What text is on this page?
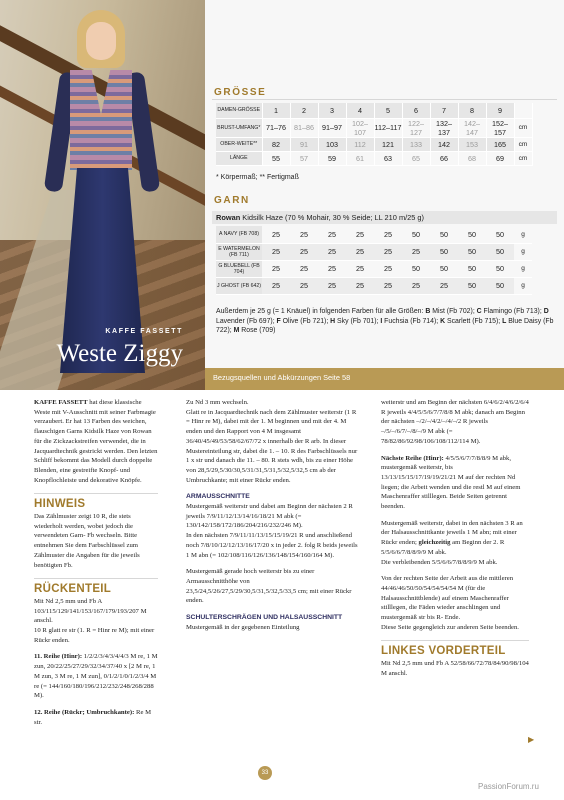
KAFFE FASSETT
Weste Ziggy
GRÖSSE
DAMEN-GRÖSSE	1	2	3	4	5	6	7	8	9	
BRUST-UMFANG*	71–76	81–86	91–97	102–107	112–117	122–127	132–137	142–147	152–157	cm
OBER-WEITE**	82	91	103	112	121	133	142	153	165	cm
LÄNGE	55	57	59	61	63	65	66	68	69	cm
* Körpermaß; ** Fertigmaß
GARN
Rowan Kidsilk Haze (70 % Mohair, 30 % Seide; LL 210 m/25 g)
A NAVY (FB 708)	25	25	25	25	25	50	50	50	50	g
E WATERMELON (FB 711)	25	25	25	25	25	25	50	50	50	g
G BLUEBELL (FB 704)	25	25	25	25	25	50	50	50	50	g
J GHOST (FB 642)	25	25	25	25	25	25	25	50	50	g
Außerdem je 25 g (= 1 Knäuel) in folgenden Farben für alle Größen: B Mist (Fb 702); C Flamingo (Fb 713); D Lavender (Fb 697); F Olive (Fb 721); H Sky (Fb 701); I Fuchsia (Fb 714); K Scarlett (Fb 715); L Blue Daisy (Fb 722); M Rose (709)
Bezugsquellen und Abkürzungen Seite 58

KAFFE FASSETT hat diese klassische Weste mit V-Ausschnitt mit seiner Farbmagie verzaubert. Er hat 13 Farben des weichen, flauschigen Garns Kidsilk Haze von Rowan für die Zickzackstreifen verwendet, die in Jacquardtechnik gestrickt werden. Den letzten Schliff bekommt das Modell durch doppelte Blenden, eine gestreifte Knopf- und Knopflochleiste und dekorative Knöpfe.

HINWEIS

Das Zählmuster zeigt 10 R, die stets wiederholt werden, wobei jedoch die verwendeten Garn- Fb wechseln. Bitte entnehmen Sie dem Farbschlüssel zum Zählmuster die Angaben für die jeweils benötigten Fb.

RÜCKENTEIL

Mit Nd 2,5 mm und Fb A 103/115/129/141/153/167/179/193/207 M anschl.

10 R glatt re str (1. R = Hinr re M); mit einer Rückr enden.

11. Reihe (Hinr): 1/2/2/3/4/3/4/4/3 M re, 1 M zun, 20/22/25/27/29/32/34/37/40 x [2 M re, 1 M zun, 3 M re, 1 M zun], 0/1/2/1/0/1/2/3/4 M re (= 144/160/180/196/212/232/248/268/288 M).

12. Reihe (Rückr; Umbruchkante): Re M str.

Zu Nd 3 mm wechseln.

Glatt re in Jacquardtechnik nach dem Zählmuster weiterstr (1 R = Hinr re M), dabei mit der 1. M beginnen und mit der 4. M enden und den Rapport von 4 M insgesamt 36/40/45/49/53/58/62/67/72 x innerhalb der R arb. In dieser Mustereinteilung str, dabei die 1. – 10. R des Farbschlüssels nur 1 x str und danach die 11. – 80. R stets wdh, bis zu einer Höhe von 28,5/29,5/30/30,5/31/31,5/31,5/32,5/32,5 cm ab der Umbruchkante; mit einer Rückr enden.

ARMAUSSCHNITTE

Mustergemäß weiterstr und dabei am Beginn der nächsten 2 R jeweils 7/9/11/12/13/14/16/18/21 M abk (= 130/142/158/172/186/204/216/232/246 M).

In den nächsten 7/9/11/11/13/15/15/19/21 R und anschließend noch 7/8/10/12/12/13/16/17/20 x in jeder 2. folg R beids jeweils 1 M abn (= 102/108/116/126/136/148/154/160/164 M).

Mustergemäß gerade hoch weiterstr bis zu einer Armausschnitthöhe von 23,5/24,5/26/27,5/29/30,5/31,5/32,5/33,5 cm; mit einer Rückr enden.

SCHULTERSCHRÄGEN UND HALSAUSSCHNITT

Mustergemäß in der gegebenen Einteilung

weiterstr und am Beginn der nächsten 6/4/6/2/4/6/2/6/4 R jeweils 4/4/5/5/6/7/7/8/8 M abk; danach am Beginn der nächsten –/2/–/4/2/–/4/–/2 R jeweils –/5/–/6/7/–/8/–/9 M abk (= 78/82/86/92/98/106/108/112/114 M).

Nächste Reihe (Hinr): 4/5/5/6/7/7/8/8/9 M abk, mustergemäß weiterstr, bis 13/13/15/15/17/19/19/21/21 M auf der rechten Nd liegen; die Arbeit wenden und die restl M auf einem Maschenraffer stilllegen. Beide Seiten getrennt beenden.

Mustergemäß weiterstr, dabei in den nächsten 3 R an der Halsausschnittkante jeweils 1 M abn; mit einer Rückr enden; gleichzeitig am Beginn der 2. R 5/5/6/6/7/8/8/9/9 M abk.

Die verbleibenden 5/5/6/6/7/8/8/9/9 M abk.

Von der rechten Seite der Arbeit aus die mittleren 44/46/46/50/50/54/54/54/54 M (für die Halsausschnittblende) auf einem Maschenraffer stilllegen, die Fäden wieder anschlingen und mustergemäß str bis R- Ende.

Diese Seite gegengleich zur anderen Seite beenden.

LINKES VORDERTEIL

Mit Nd 2,5 mm und Fb A 52/58/66/72/78/84/90/98/104 M anschl.

▶
33
PassionForum.ru
